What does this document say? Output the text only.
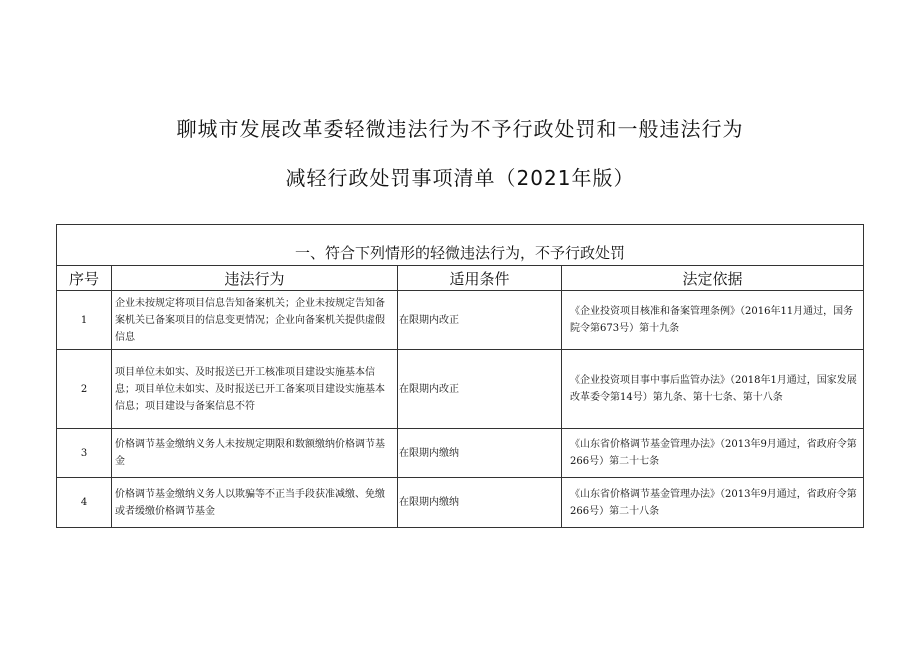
聊城市发展改革委轻微违法行为不予行政处罚和一般违法行为
减轻行政处罚事项清单（2021年版）
一、符合下列情形的轻微违法行为，不予行政处罚			
序号	违法行为	适用条件	法定依据
1	企业未按规定将项目信息告知备案机关；企业未按规定告知备案机关已备案项目的信息变更情况；企业向备案机关提供虚假信息	在限期内改正	《企业投资项目核准和备案管理条例》（2016年11月通过，国务院令第673号）第十九条
2	项目单位未如实、及时报送已开工核准项目建设实施基本信息；项目单位未如实、及时报送已开工备案项目建设实施基本信息；项目建设与备案信息不符	在限期内改正	《企业投资项目事中事后监管办法》（2018年1月通过，国家发展改革委令第14号）第九条、第十七条、第十八条
3	价格调节基金缴纳义务人未按规定期限和数额缴纳价格调节基金	在限期内缴纳	《山东省价格调节基金管理办法》（2013年9月通过，省政府令第266号）第二十七条
4	价格调节基金缴纳义务人以欺骗等不正当手段获准减缴、免缴或者缓缴价格调节基金	在限期内缴纳	《山东省价格调节基金管理办法》（2013年9月通过，省政府令第266号）第二十八条
